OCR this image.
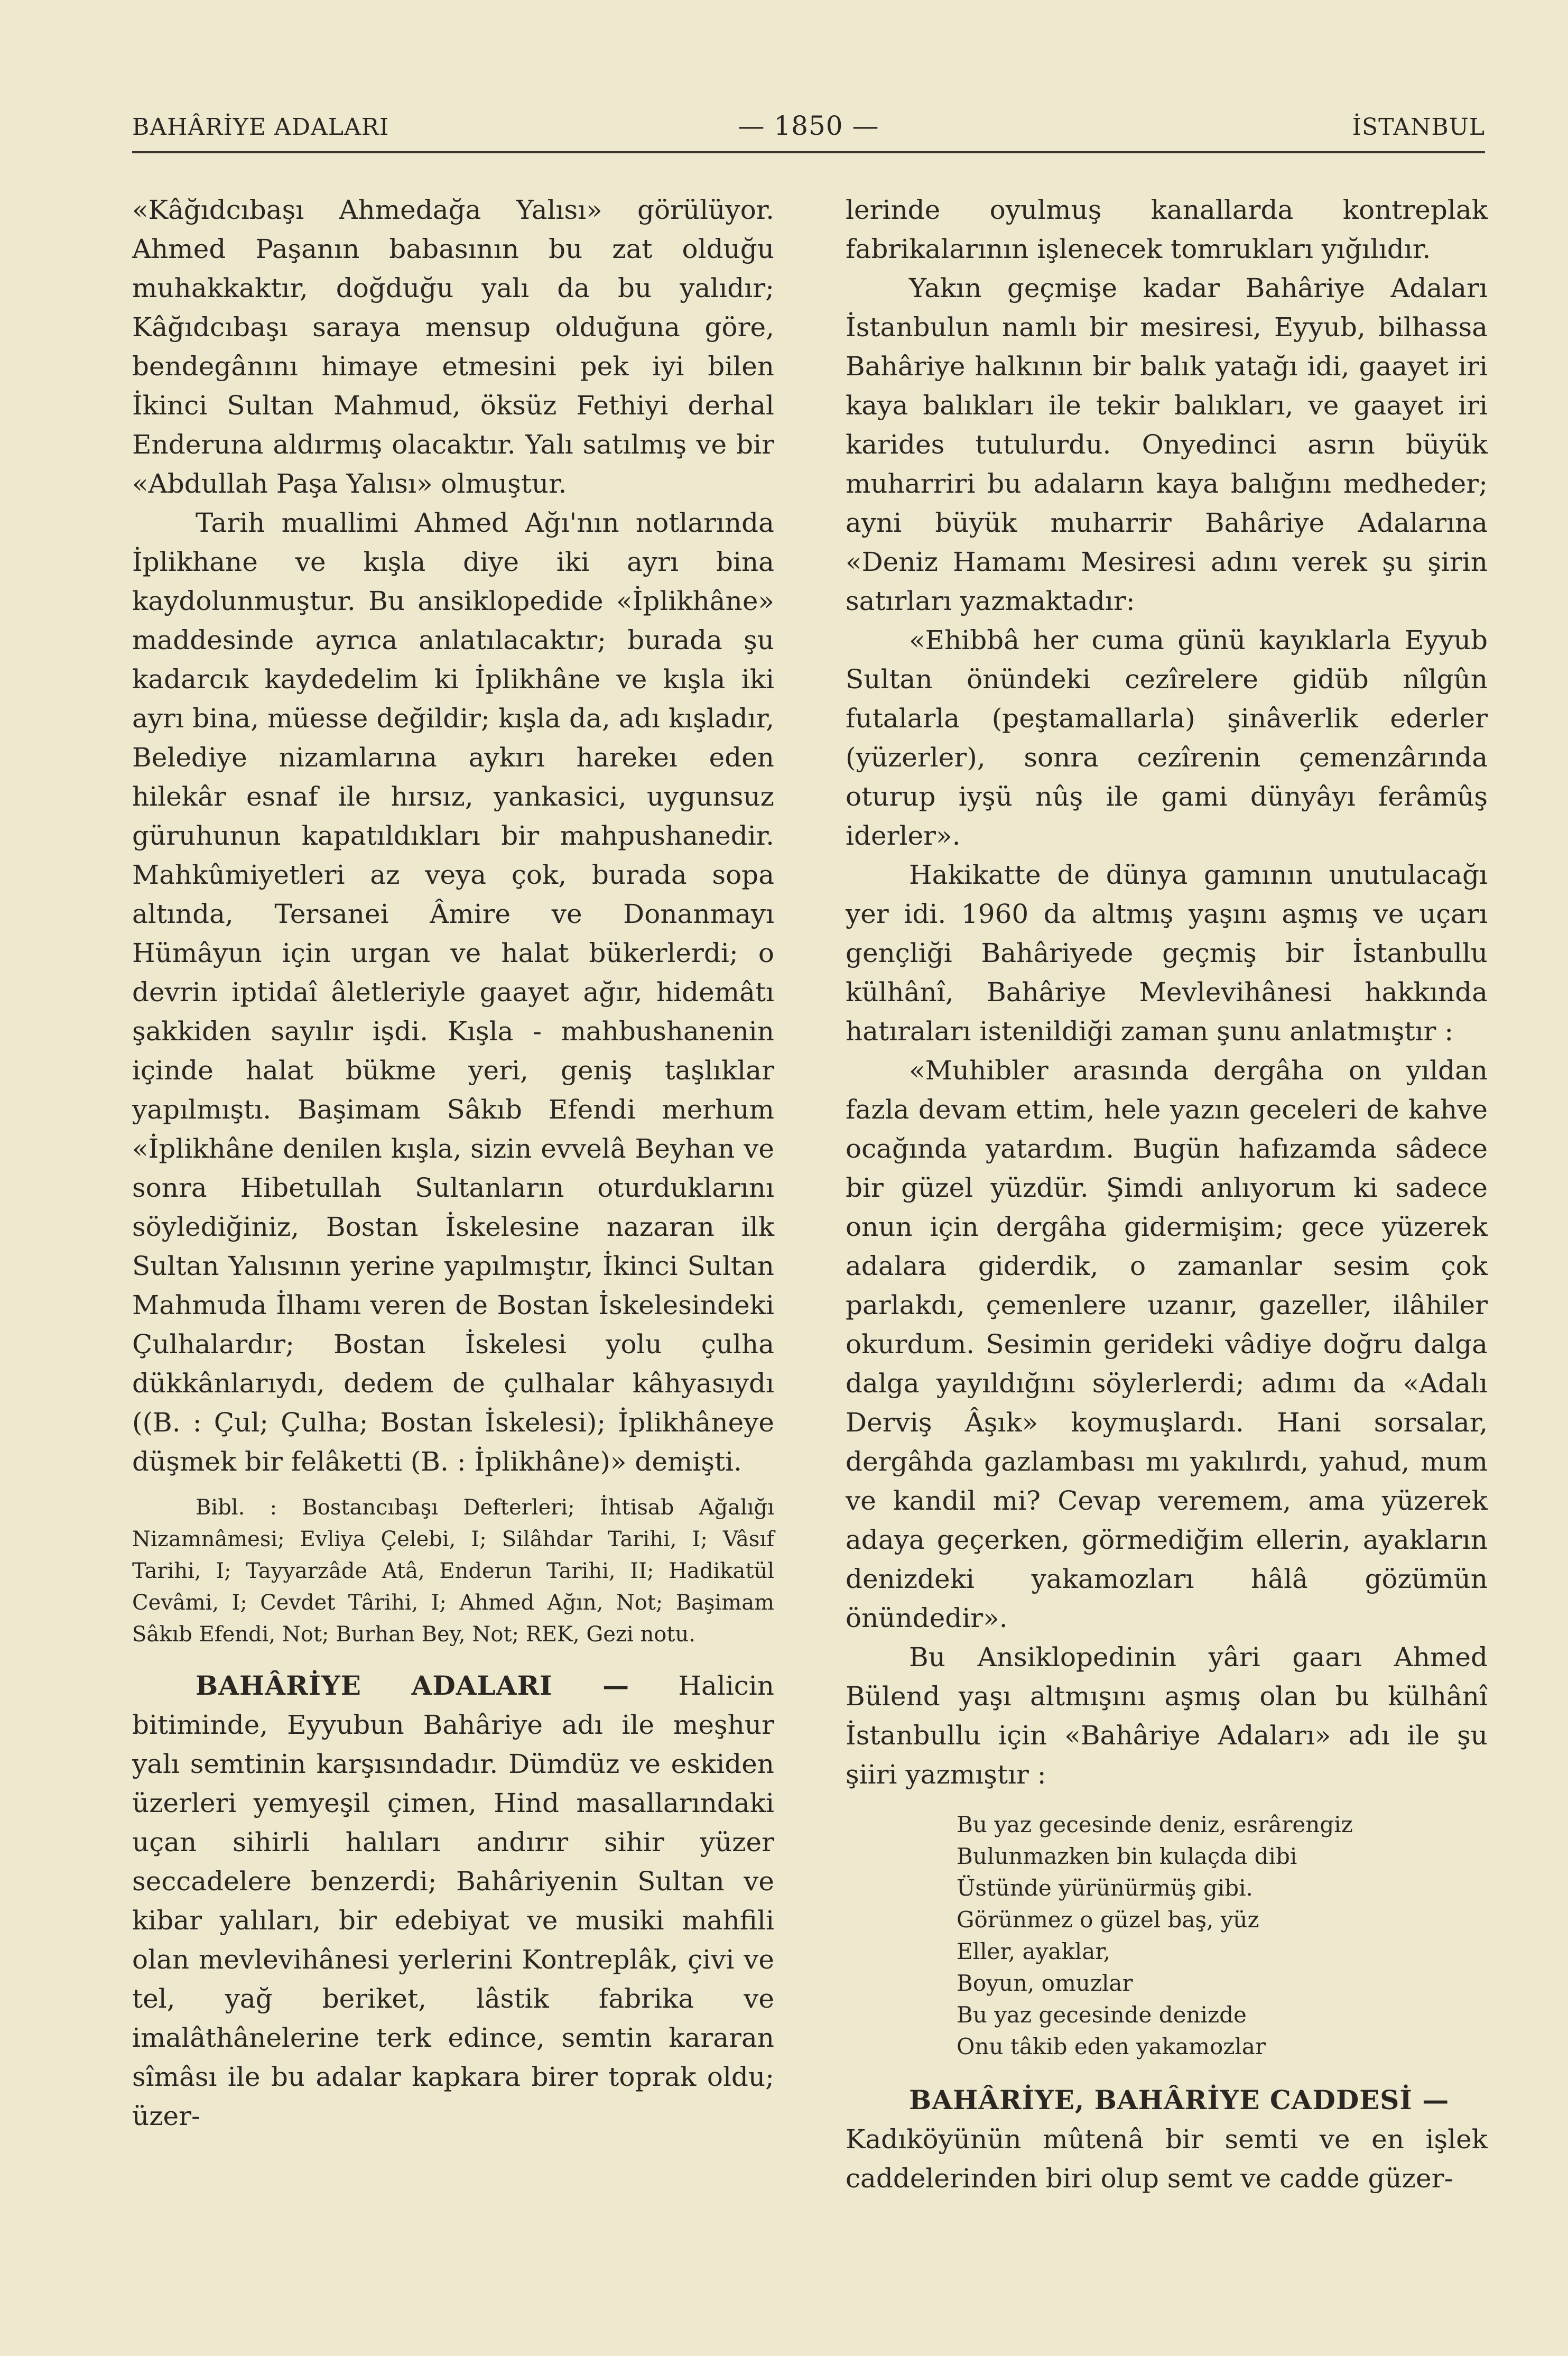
BAHÂRİYE ADALARI	— 1850 —	İSTANBUL

«Kâğıdcıbaşı Ahmedağa Yalısı» görülüyor. Ahmed Paşanın babasının bu zat olduğu muhakkaktır, doğduğu yalı da bu yalıdır; Kâğıdcıbaşı saraya mensup olduğuna göre, bendegânını himaye etmesini pek iyi bilen İkinci Sultan Mahmud, öksüz Fethiyi derhal Enderuna aldırmış olacaktır. Yalı satılmış ve bir «Abdullah Paşa Yalısı» olmuştur.

Tarih muallimi Ahmed Ağı'nın notlarında İplikhane ve kışla diye iki ayrı bina kaydolunmuştur. Bu ansiklopedide «İplikhâne» maddesinde ayrıca anlatılacaktır; burada şu kadarcık kaydedelim ki İplikhâne ve kışla iki ayrı bina, müesse değildir; kışla da, adı kışladır, Belediye nizamlarına aykırı harekeı eden hilekâr esnaf ile hırsız, yankasici, uygunsuz güruhunun kapatıldıkları bir mahpushanedir. Mahkûmiyetleri az veya çok, burada sopa altında, Tersanei Âmire ve Donanmayı Hümâyun için urgan ve halat bükerlerdi; o devrin iptidaî âletleriyle gaayet ağır, hidemâtı şakkiden sayılır işdi. Kışla - mahbushanenin içinde halat bükme yeri, geniş taşlıklar yapılmıştı. Başimam Sâkıb Efendi merhum «İplikhâne denilen kışla, sizin evvelâ Beyhan ve sonra Hibetullah Sultanların oturduklarını söylediğiniz, Bostan İskelesine nazaran ilk Sultan Yalısının yerine yapılmıştır, İkinci Sultan Mahmuda İlhamı veren de Bostan İskelesindeki Çulhalardır; Bostan İskelesi yolu çulha dükkânlarıydı, dedem de çulhalar kâhyasıydı ((B. : Çul; Çulha; Bostan İskelesi); İplikhâneye düşmek bir felâketti (B. : İplikhâne)» demişti.

Bibl. : Bostancıbaşı Defterleri; İhtisab Ağalığı Nizamnâmesi; Evliya Çelebi, I; Silâhdar Tarihi, I; Vâsıf Tarihi, I; Tayyarzâde Atâ, Enderun Tarihi, II; Hadikatül Cevâmi, I; Cevdet Târihi, I; Ahmed Ağın, Not; Başimam Sâkıb Efendi, Not; Burhan Bey, Not; REK, Gezi notu.

BAHÂRİYE ADALARI — Halicin bitiminde, Eyyubun Bahâriye adı ile meşhur yalı semtinin karşısındadır. Dümdüz ve eskiden üzerleri yemyeşil çimen, Hind masallarındaki uçan sihirli halıları andırır sihir yüzer seccadelere benzerdi; Bahâriyenin Sultan ve kibar yalıları, bir edebiyat ve musiki mahfili olan mevlevihânesi yerlerini Kontreplâk, çivi ve tel, yağ beriket, lâstik fabrika ve imalâthânelerine terk edince, semtin kararan sîmâsı ile bu adalar kapkara birer toprak oldu; üzer-

lerinde oyulmuş kanallarda kontreplak fabrikalarının işlenecek tomrukları yığılıdır.

Yakın geçmişe kadar Bahâriye Adaları İstanbulun namlı bir mesiresi, Eyyub, bilhassa Bahâriye halkının bir balık yatağı idi, gaayet iri kaya balıkları ile tekir balıkları, ve gaayet iri karides tutulurdu. Onyedinci asrın büyük muharriri bu adaların kaya balığını medheder; ayni büyük muharrir Bahâriye Adalarına «Deniz Hamamı Mesiresi adını verek şu şirin satırları yazmaktadır:

«Ehibbâ her cuma günü kayıklarla Eyyub Sultan önündeki cezîrelere gidüb nîlgûn futalarla (peştamallarla) şinâverlik ederler (yüzerler), sonra cezîrenin çemenzârında oturup iyşü nûş ile gami dünyâyı ferâmûş iderler».

Hakikatte de dünya gamının unutulacağı yer idi. 1960 da altmış yaşını aşmış ve uçarı gençliği Bahâriyede geçmiş bir İstanbullu külhânî, Bahâriye Mevlevihânesi hakkında hatıraları istenildiği zaman şunu anlatmıştır :

«Muhibler arasında dergâha on yıldan fazla devam ettim, hele yazın geceleri de kahve ocağında yatardım. Bugün hafızamda sâdece bir güzel yüzdür. Şimdi anlıyorum ki sadece onun için dergâha gidermişim; gece yüzerek adalara giderdik, o zamanlar sesim çok parlakdı, çemenlere uzanır, gazeller, ilâhiler okurdum. Sesimin gerideki vâdiye doğru dalga dalga yayıldığını söylerlerdi; adımı da «Adalı Derviş Âşık» koymuşlardı. Hani sorsalar, dergâhda gazlambası mı yakılırdı, yahud, mum ve kandil mi? Cevap veremem, ama yüzerek adaya geçerken, görmediğim ellerin, ayakların denizdeki yakamozları hâlâ gözümün önündedir».

Bu Ansiklopedinin yâri gaarı Ahmed Bülend yaşı altmışını aşmış olan bu külhânî İstanbullu için «Bahâriye Adaları» adı ile şu şiiri yazmıştır :

Bu yaz gecesinde deniz, esrârengiz
Bulunmazken bin kulaçda dibi
Üstünde yürünürmüş gibi.
Görünmez o güzel baş, yüz
Eller, ayaklar,
Boyun, omuzlar
Bu yaz gecesinde denizde
Onu tâkib eden yakamozlar

BAHÂRİYE, BAHÂRİYE CADDESİ —

Kadıköyünün mûtenâ bir semti ve en işlek caddelerinden biri olup semt ve cadde güzer-
